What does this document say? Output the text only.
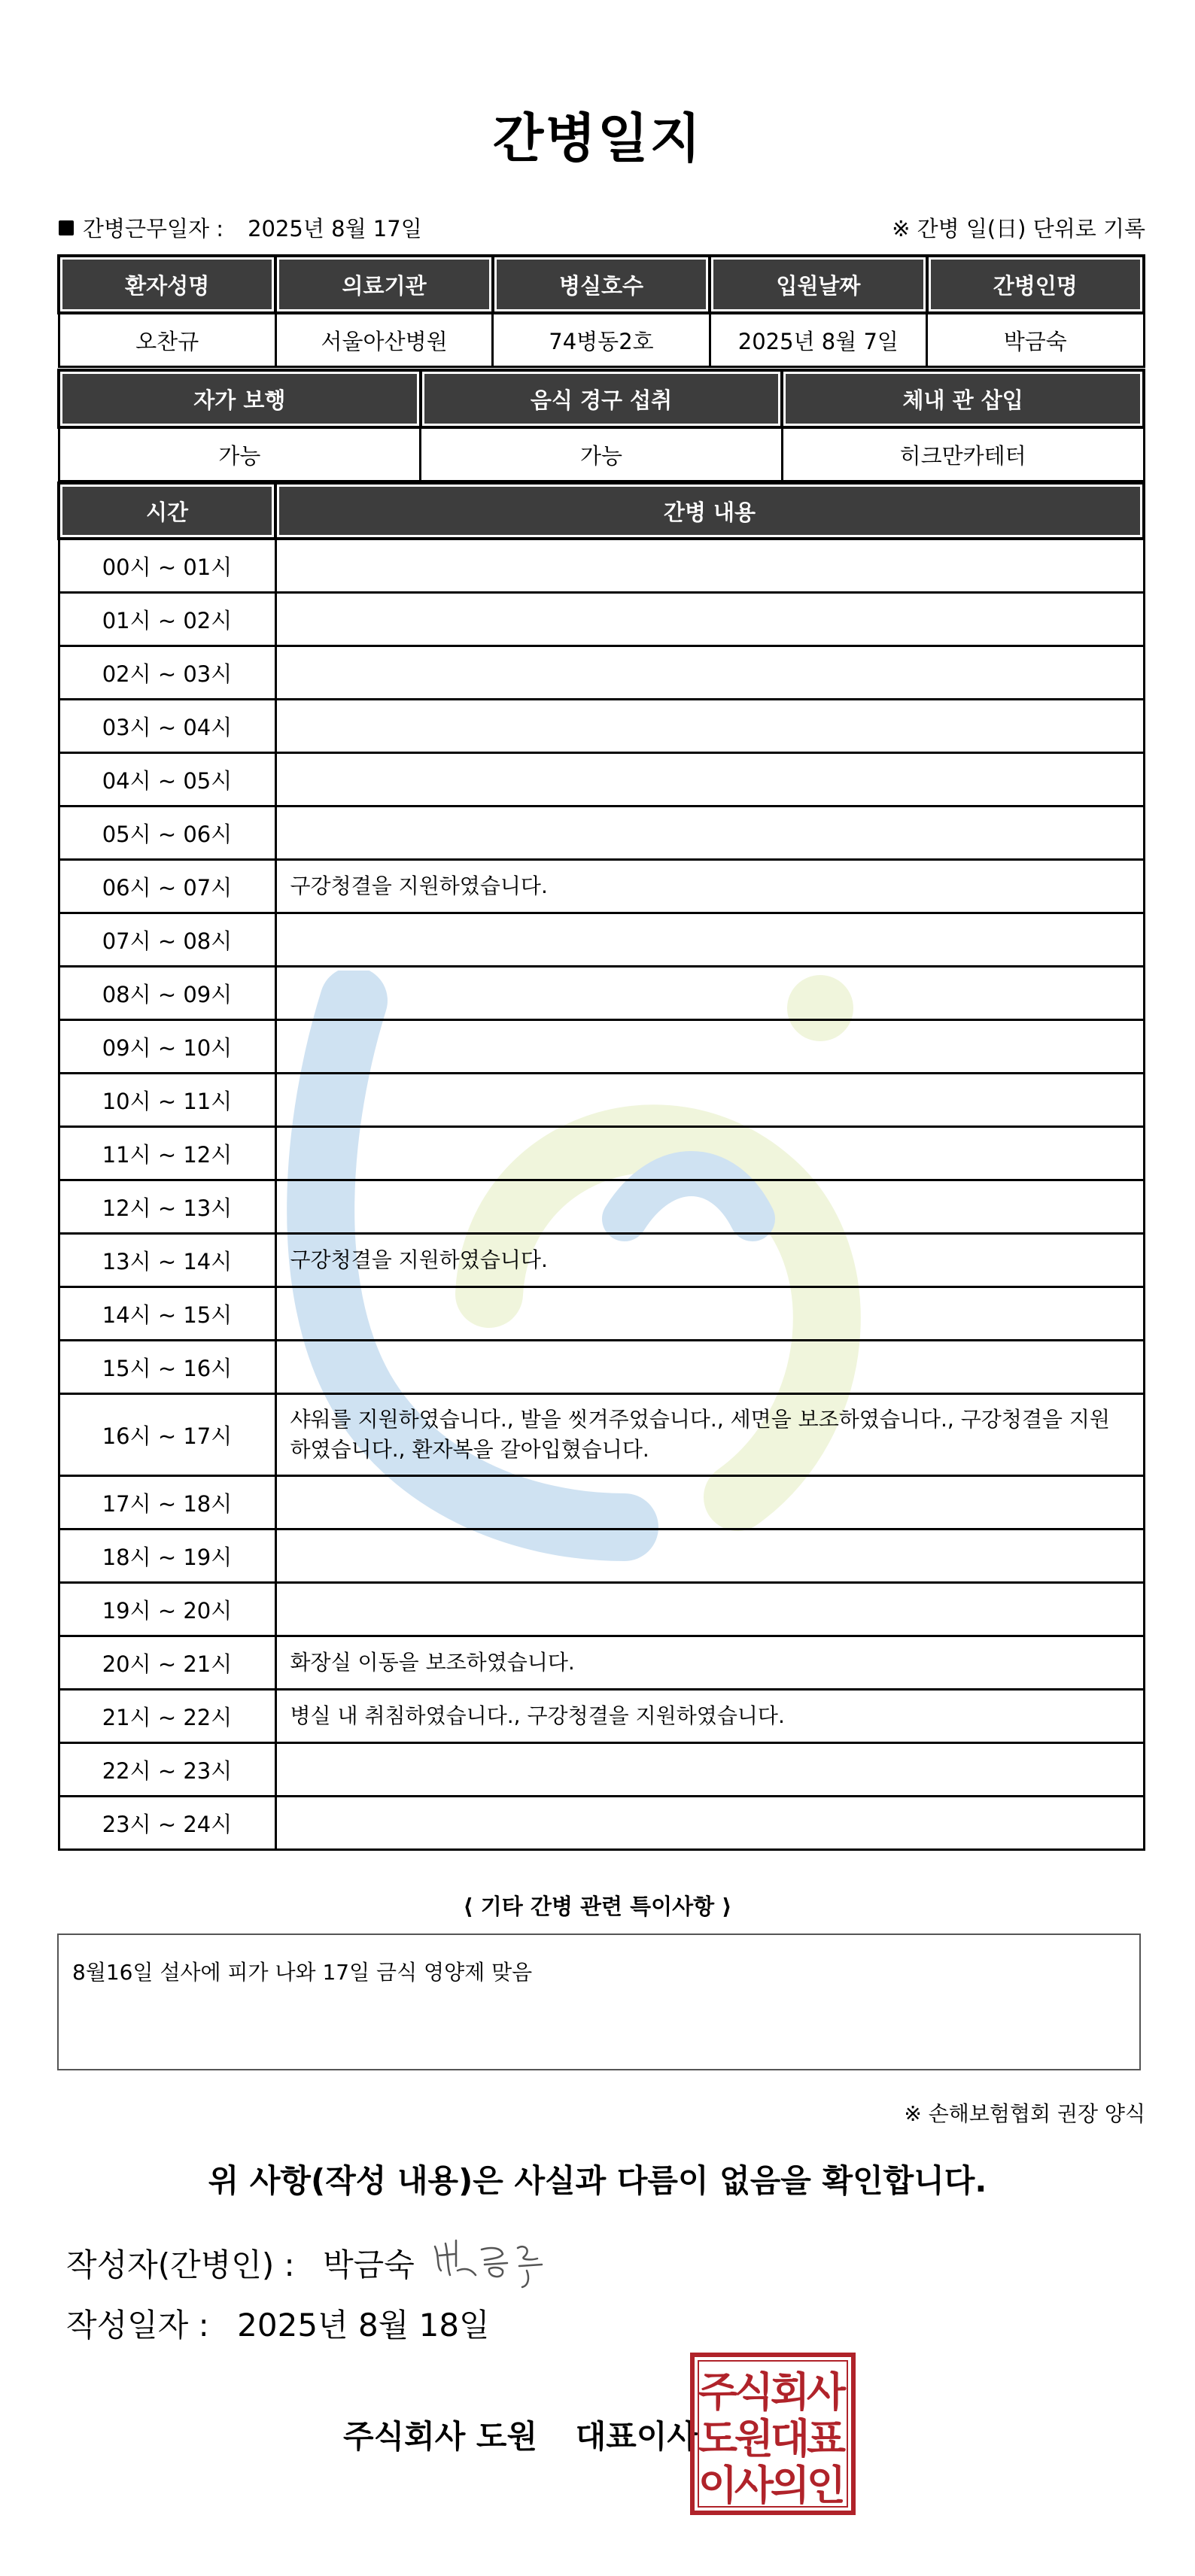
간병일지
간병근무일자 : 2025년 8월 17일	※ 간병 일(日) 단위로 기록
환자성명	의료기관	병실호수	입원날짜	간병인명
오찬규	서울아산병원	74병동2호	2025년 8월 7일	박금숙
자가 보행	음식 경구 섭취	체내 관 삽입
가능	가능	히크만카테터
시간	간병 내용
00시 ~ 01시	
01시 ~ 02시	
02시 ~ 03시	
03시 ~ 04시	
04시 ~ 05시	
05시 ~ 06시	
06시 ~ 07시	구강청결을 지원하였습니다.
07시 ~ 08시	
08시 ~ 09시	
09시 ~ 10시	
10시 ~ 11시	
11시 ~ 12시	
12시 ~ 13시	
13시 ~ 14시	구강청결을 지원하였습니다.
14시 ~ 15시	
15시 ~ 16시	
16시 ~ 17시	샤워를 지원하였습니다., 발을 씻겨주었습니다., 세면을 보조하였습니다., 구강청결을 지원하였습니다., 환자복을 갈아입혔습니다.
17시 ~ 18시	
18시 ~ 19시	
19시 ~ 20시	
20시 ~ 21시	화장실 이동을 보조하였습니다.
21시 ~ 22시	병실 내 취침하였습니다., 구강청결을 지원하였습니다.
22시 ~ 23시	
23시 ~ 24시	
⟨ 기타 간병 관련 특이사항 ⟩
8월16일 설사에 피가 나와 17일 금식 영양제 맞음
※ 손해보험협회 권장 양식
위 사항(작성 내용)은 사실과 다름이 없음을 확인합니다.
작성자(간병인) : 박금숙
작성일자 : 2025년 8월 18일
주식회사 도원 대표이사
주
식
회
사
도
원
대
표
이
사
의
인
